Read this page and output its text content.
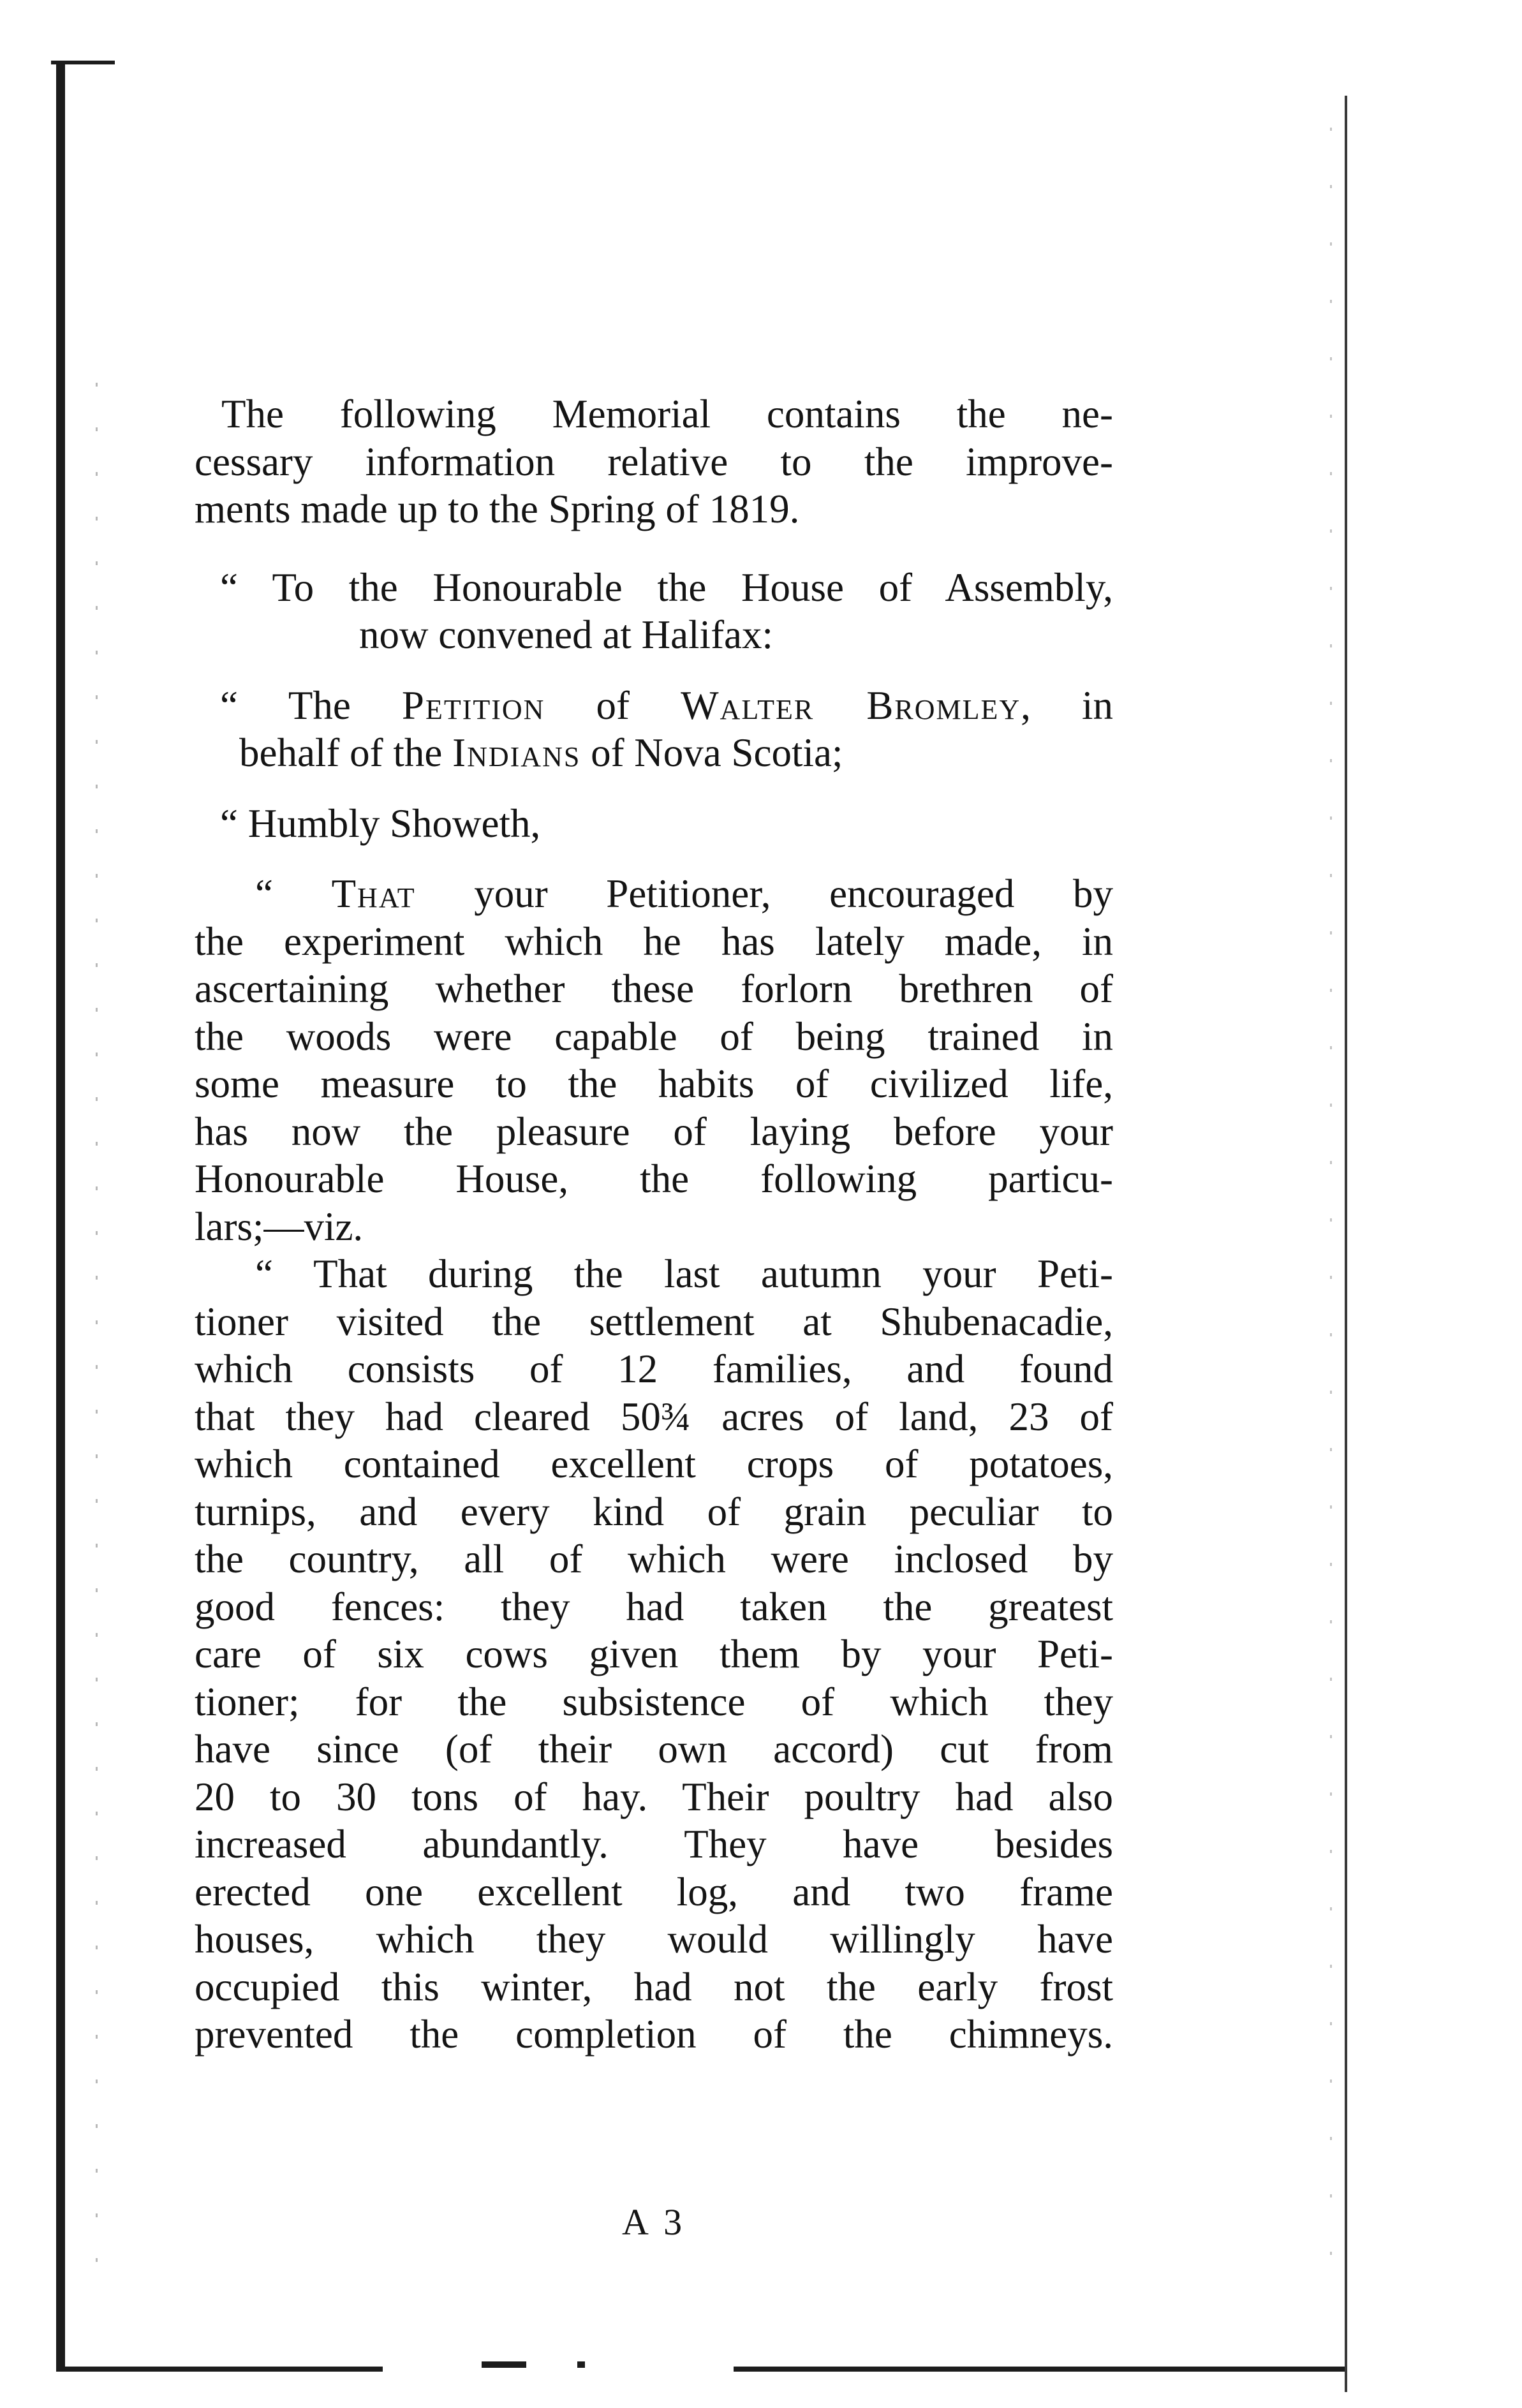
The following Memorial contains the ne-
cessary information relative to the improve-
ments made up to the Spring of 1819.
“ To the Honourable the House of Assembly,
now convened at Halifax:
“ The Petition of Walter Bromley, in
behalf of the Indians of Nova Scotia;
“ Humbly Showeth,
“ That your Petitioner, encouraged by
the experiment which he has lately made, in
ascertaining whether these forlorn brethren of
the woods were capable of being trained in
some measure to the habits of civilized life,
has now the pleasure of laying before your
Honourable House, the following particu-
lars;—viz.
“ That during the last autumn your Peti-
tioner visited the settlement at Shubenacadie,
which consists of 12 families, and found
that they had cleared 50¾ acres of land, 23 of
which contained excellent crops of potatoes,
turnips, and every kind of grain peculiar to
the country, all of which were inclosed by
good fences: they had taken the greatest
care of six cows given them by your Peti-
tioner; for the subsistence of which they
have since (of their own accord) cut from
20 to 30 tons of hay. Their poultry had also
increased abundantly. They have besides
erected one excellent log, and two frame
houses, which they would willingly have
occupied this winter, had not the early frost
prevented the completion of the chimneys.
A 3
